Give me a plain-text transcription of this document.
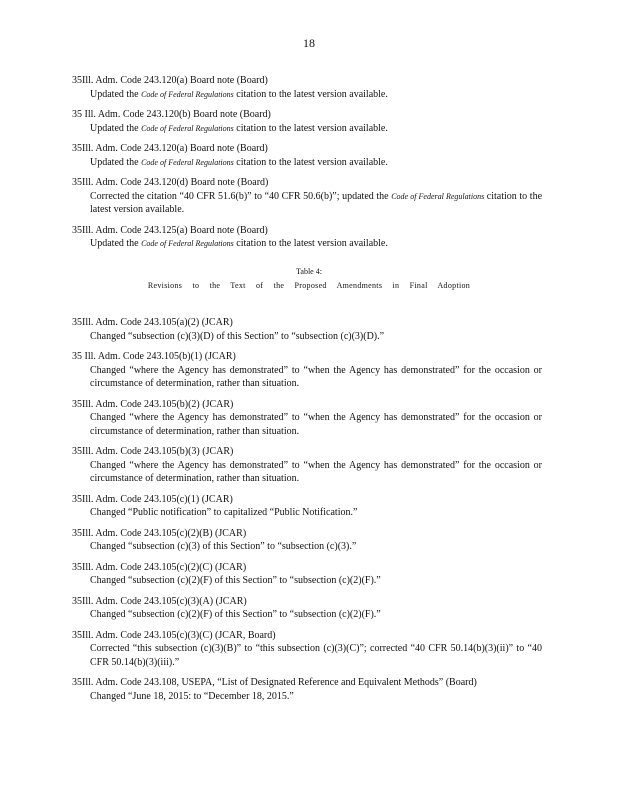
18
35Ill. Adm. Code 243.120(a) Board note (Board)
Updated the Code of Federal Regulations citation to the latest version available.
35 Ill. Adm. Code 243.120(b) Board note (Board)
Updated the Code of Federal Regulations citation to the latest version available.
35Ill. Adm. Code 243.120(a) Board note (Board)
Updated the Code of Federal Regulations citation to the latest version available.
35Ill. Adm. Code 243.120(d) Board note (Board)
Corrected the citation “40 CFR 51.6(b)” to “40 CFR 50.6(b)”; updated the Code of Federal Regulations citation to the latest version available.
35Ill. Adm. Code 243.125(a) Board note (Board)
Updated the Code of Federal Regulations citation to the latest version available.
Table 4:
Revisions to the Text of the Proposed Amendments in Final Adoption
35Ill. Adm. Code 243.105(a)(2) (JCAR)
Changed “subsection (c)(3)(D) of this Section” to “subsection (c)(3)(D).”
35 Ill. Adm. Code 243.105(b)(1) (JCAR)
Changed “where the Agency has demonstrated” to “when the Agency has demonstrated” for the occasion or circumstance of determination, rather than situation.
35Ill. Adm. Code 243.105(b)(2) (JCAR)
Changed “where the Agency has demonstrated” to “when the Agency has demonstrated” for the occasion or circumstance of determination, rather than situation.
35Ill. Adm. Code 243.105(b)(3) (JCAR)
Changed “where the Agency has demonstrated” to “when the Agency has demonstrated” for the occasion or circumstance of determination, rather than situation.
35Ill. Adm. Code 243.105(c)(1) (JCAR)
Changed “Public notification” to capitalized “Public Notification.”
35Ill. Adm. Code 243.105(c)(2)(B) (JCAR)
Changed “subsection (c)(3) of this Section” to “subsection (c)(3).”
35Ill. Adm. Code 243.105(c)(2)(C) (JCAR)
Changed “subsection (c)(2)(F) of this Section” to “subsection (c)(2)(F).”
35Ill. Adm. Code 243.105(c)(3)(A) (JCAR)
Changed “subsection (c)(2)(F) of this Section” to “subsection (c)(2)(F).”
35Ill. Adm. Code 243.105(c)(3)(C) (JCAR, Board)
Corrected “this subsection (c)(3)(B)” to “this subsection (c)(3)(C)”; corrected “40 CFR 50.14(b)(3)(ii)” to “40 CFR 50.14(b)(3)(iii).”
35Ill. Adm. Code 243.108, USEPA, “List of Designated Reference and Equivalent Methods” (Board)
Changed “June 18, 2015: to “December 18, 2015.”
